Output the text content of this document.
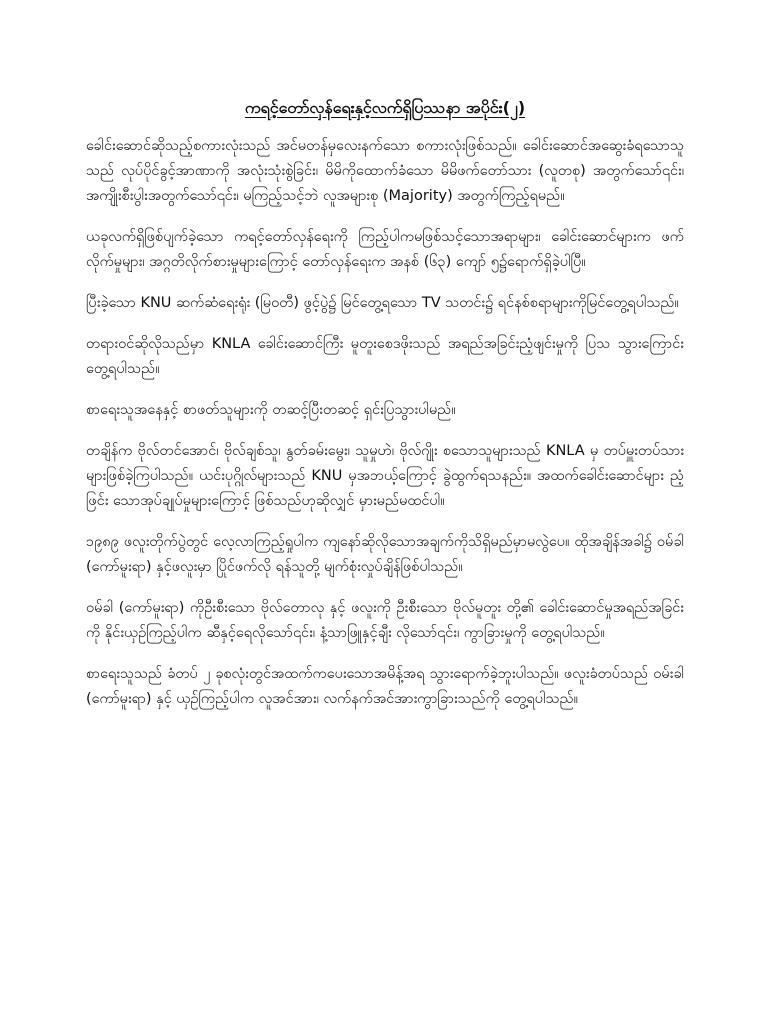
ကရင့်တော်လှန်ရေးနှင့်လက်ရှိပြဿနာ အပိုင်း(၂)

ခေါင်းဆောင်ဆိုသည့်စကားလုံးသည် အင်မတန်မှလေးနက်သော စကားလုံးဖြစ်သည်။ ခေါင်းဆောင်အဆွေးခံရသောသူသည် လုပ်ပိုင်ခွင့်အာဏာကို အလုံးသုံးစွဲခြင်း၊ မိမိကိုထောက်ခံသော မိမိဖက်တော်သား (လူတစု) အတွက်သော်၎င်း၊ အကျိုးစီးပွါးအတွက်သော်၎င်း၊ မကြည့်သင့်ဘဲ လူအများစု (Majority) အတွက်ကြည့်ရမည်။

ယခုလက်ရှိဖြစ်ပျက်ခဲ့သော ကရင့်တော်လှန်ရေးကို ကြည့်ပါကမဖြစ်သင့်သောအရာများ၊ ခေါင်းဆောင်များက ဖက်လိုက်မှုများ၊ အဂ္ဂတိလိုက်စားမှုများကြောင့် တော်လှန်ရေးက အနစ် (၆၃) ကျော် ၅၌ရောက်ရှိခဲ့ပါပြီ။

ပြီးခဲ့သော KNU ဆက်ဆံရေးရုံး (မြဝတီ) ဖွင့်ပွဲ၌ မြင်တွေ့ရသော TV သတင်း၌ ရင်နစ်စရာများကိုမြင်တွေ့ရပါသည်။

တရားဝင်ဆိုလိုသည်မှာ KNLA ခေါင်းဆောင်ကြီး မူတူးစေဒဖိုးသည် အရည်အခြင်းညံ့ဖျင်းမှုကို ပြသ သွားကြောင်း တွေ့ရပါသည်။

စာရေးသူအနေနှင့် စာဖတ်သူများကို တဆင့်ပြီးတဆင့် ရှင်းပြသွားပါမည်။

တချိန်က ဗိုလ်တင်အောင်၊ ဗိုလ်ချစ်သူ၊ နွတ်ခမ်းမွေး၊ သူမှုဟဲ၊ ဗိုလ်ဂျိုး စသောသူများသည် KNLA မှ တပ်မှူးတပ်သားများဖြစ်ခဲ့ကြပါသည်။ ယင်းပုဂ္ဂိုလ်များသည် KNU မှအဘယ့်ကြောင့် ခွဲထွက်ရသနည်း။ အထက်ခေါင်းဆောင်များ ညံ့ဖြင်း သောအုပ်ချုပ်မှုများကြောင့် ဖြစ်သည်ဟုဆိုလျှင် မှားမည်မထင်ပါ။

၁၉၈၉ ဖလူးတိုက်ပွဲတွင် လေ့လာကြည့်ရှုပါက ကျနော်ဆိုလိုသောအချက်ကိုသိရှိမည်မှာမလွဲပေ။ ထိုအချိန်အခါ၌ ဝမ်ခါ (ကော်မူးရာ) နှင့်ဖလူးမှာ ပြိုင်ဖက်လို ရန်သူတို့ မျက်စုံးလှုပ်ချိန်ဖြစ်ပါသည်။

ဝမ်ခါ (ကော်မူးရာ) ကိုဦးစီးသော ဗိုလ်တောလု နှင့် ဖလူးကို ဦးစီးသော ဗိုလ်မူတူး တို့၏ ခေါင်းဆောင်မှုအရည်အခြင်းကို နိုင်းယှဥ်ကြည့်ပါက ဆီနှင့်ရေလိုသော်၎င်း၊ နံ့သာဖြူနှင့်ချီး လိုသော်၎င်း၊ ကွာခြားမှုကို တွေ့ရပါသည်။

စာရေးသူသည် ခံတပ် ၂ ခုစလုံးတွင်အထက်ကပေးသောအမိန့်အရ သွားရောက်ခဲ့ဘူးပါသည်။ ဖလူးခံတပ်သည် ဝမ်းခါ (ကော်မူးရာ) နှင့် ယှဥ်ကြည့်ပါက လူအင်အား၊ လက်နက်အင်အားကွာခြားသည်ကို တွေ့ရပါသည်။
